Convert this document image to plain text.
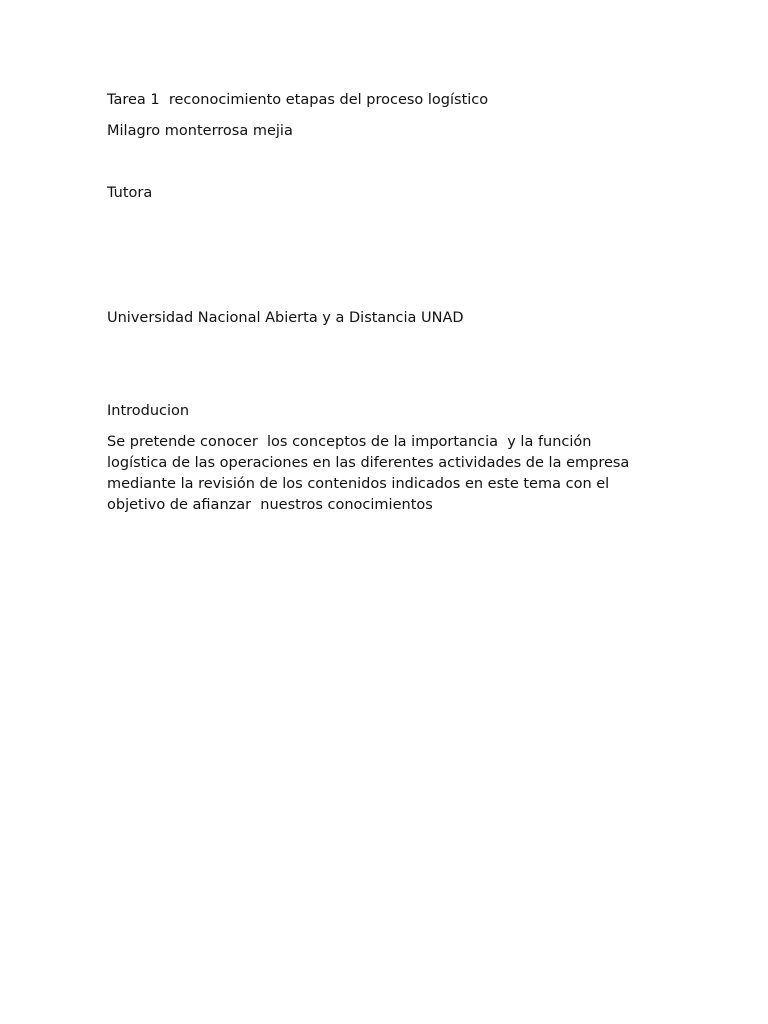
Tarea 1  reconocimiento etapas del proceso logístico

Milagro monterrosa mejia

Tutora

Universidad Nacional Abierta y a Distancia UNAD

Introducion

Se pretende conocer  los conceptos de la importancia  y la función

logística de las operaciones en las diferentes actividades de la empresa

mediante la revisión de los contenidos indicados en este tema con el

objetivo de afianzar  nuestros conocimientos
